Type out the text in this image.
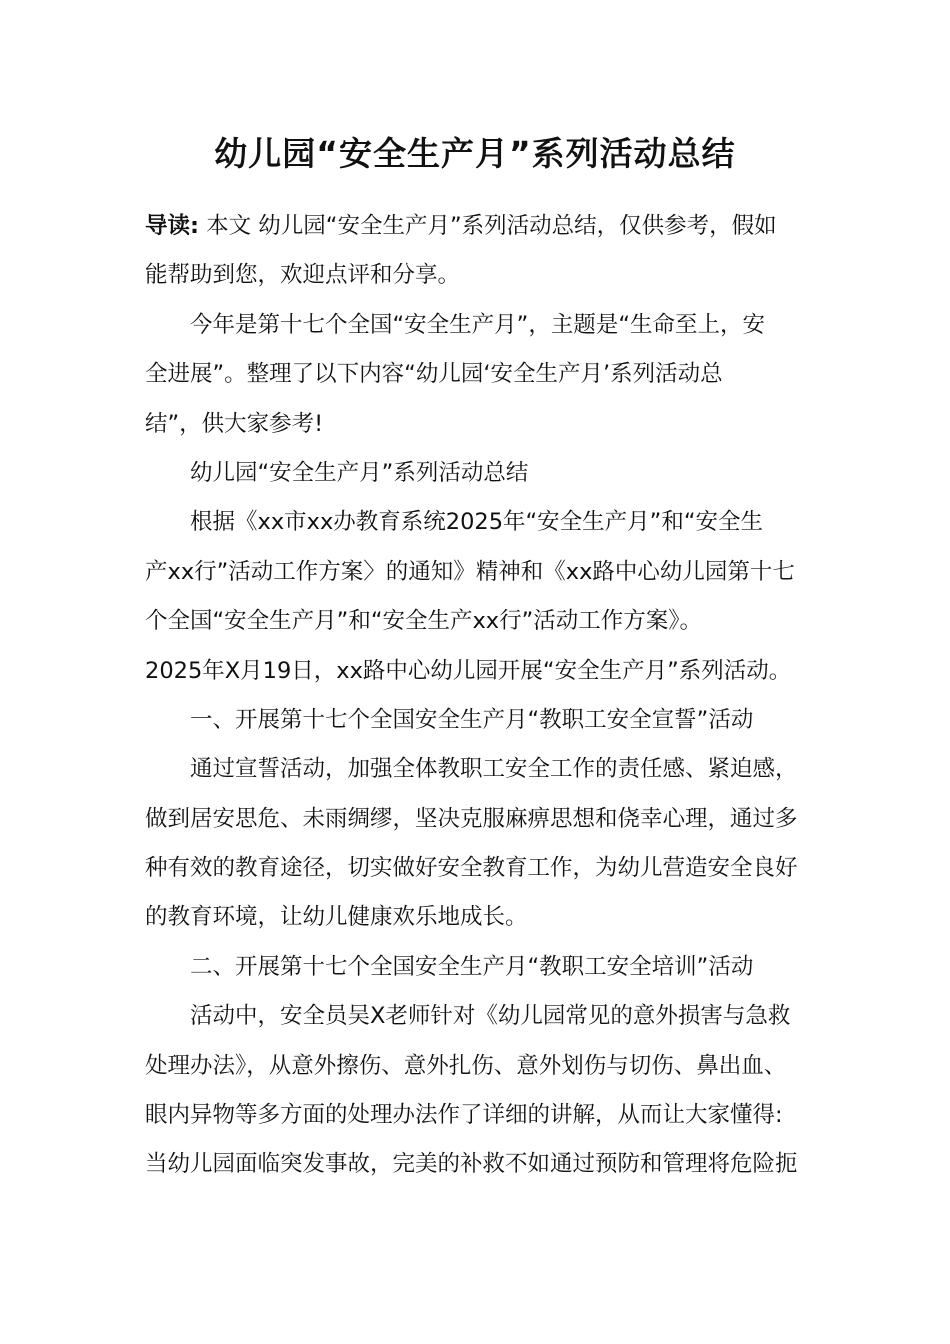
幼儿园“安全生产月”系列活动总结

导读: 本文 幼儿园“安全生产月”系列活动总结，仅供参考，假如

能帮助到您，欢迎点评和分享。

今年是第十七个全国“安全生产月”，主题是“生命至上，安

全进展”。整理了以下内容“幼儿园‘安全生产月’系列活动总

结”，供大家参考!

幼儿园“安全生产月”系列活动总结

根据《xx市xx办教育系统2025年“安全生产月”和“安全生

产xx行”活动工作方案〉的通知》精神和《xx路中心幼儿园第十七

个全国“安全生产月”和“安全生产xx行”活动工作方案》。

2025年X月19日，xx路中心幼儿园开展“安全生产月”系列活动。

一、开展第十七个全国安全生产月“教职工安全宣誓”活动

通过宣誓活动，加强全体教职工安全工作的责任感、紧迫感，

做到居安思危、未雨绸缪，坚决克服麻痹思想和侥幸心理，通过多

种有效的教育途径，切实做好安全教育工作，为幼儿营造安全良好

的教育环境，让幼儿健康欢乐地成长。

二、开展第十七个全国安全生产月“教职工安全培训”活动

活动中，安全员吴X老师针对《幼儿园常见的意外损害与急救

处理办法》，从意外擦伤、意外扎伤、意外划伤与切伤、鼻出血、

眼内异物等多方面的处理办法作了详细的讲解，从而让大家懂得:

当幼儿园面临突发事故，完美的补救不如通过预防和管理将危险扼
